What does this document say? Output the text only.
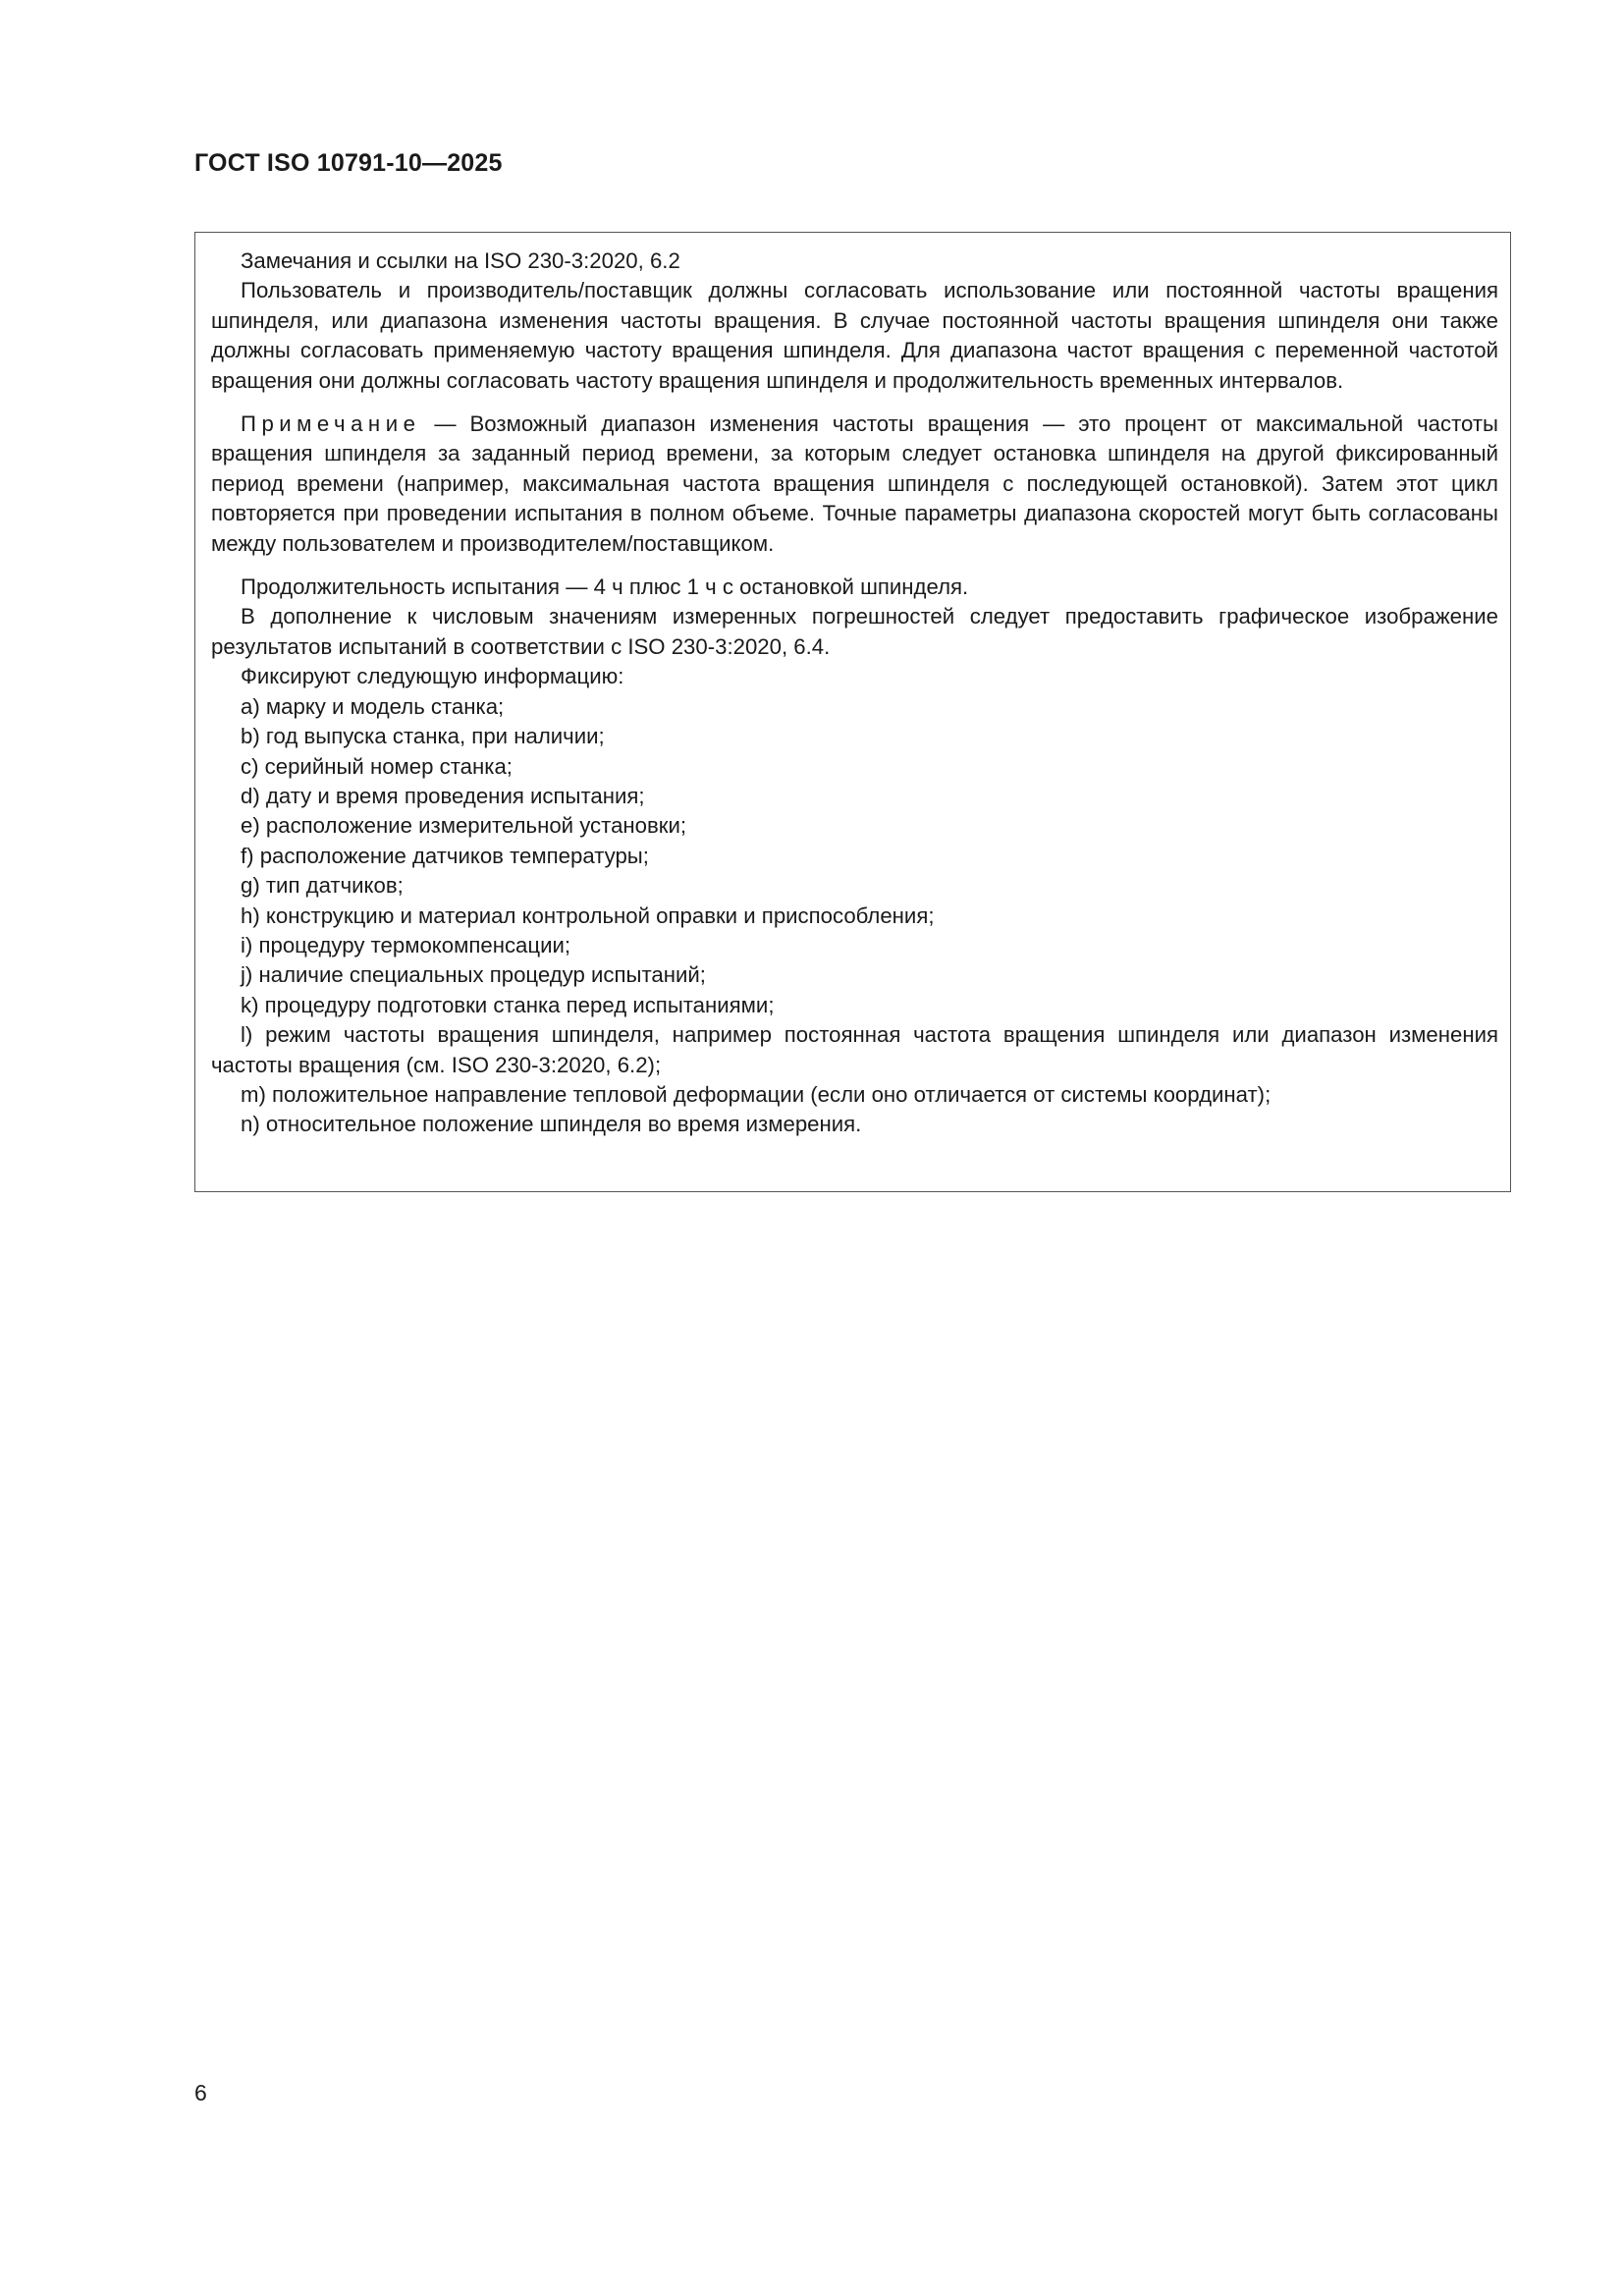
ГОСТ ISO 10791-10—2025

Замечания и ссылки на ISO 230-3:2020, 6.2

Пользователь и производитель/поставщик должны согласовать использование или постоянной частоты вращения шпинделя, или диапазона изменения частоты вращения. В случае постоянной частоты вращения шпинделя они также должны согласовать применяемую частоту вращения шпинделя. Для диапазона частот вращения с переменной частотой вращения они должны согласовать частоту вращения шпинделя и продолжительность временных интервалов.

Примечание — Возможный диапазон изменения частоты вращения — это процент от максимальной частоты вращения шпинделя за заданный период времени, за которым следует остановка шпинделя на другой фиксированный период времени (например, максимальная частота вращения шпинделя с последующей остановкой). Затем этот цикл повторяется при проведении испытания в полном объеме. Точные параметры диапазона скоростей могут быть согласованы между пользователем и производителем/поставщиком.

Продолжительность испытания — 4 ч плюс 1 ч с остановкой шпинделя.

В дополнение к числовым значениям измеренных погрешностей следует предоставить графическое изображение результатов испытаний в соответствии с ISO 230-3:2020, 6.4.

Фиксируют следующую информацию:

a) марку и модель станка;

b) год выпуска станка, при наличии;

c) серийный номер станка;

d) дату и время проведения испытания;

e) расположение измерительной установки;

f) расположение датчиков температуры;

g) тип датчиков;

h) конструкцию и материал контрольной оправки и приспособления;

i) процедуру термокомпенсации;

j) наличие специальных процедур испытаний;

k) процедуру подготовки станка перед испытаниями;

l) режим частоты вращения шпинделя, например постоянная частота вращения шпинделя или диапазон изменения частоты вращения (см. ISO 230-3:2020, 6.2);

m) положительное направление тепловой деформации (если оно отличается от системы координат);

n) относительное положение шпинделя во время измерения.

6
